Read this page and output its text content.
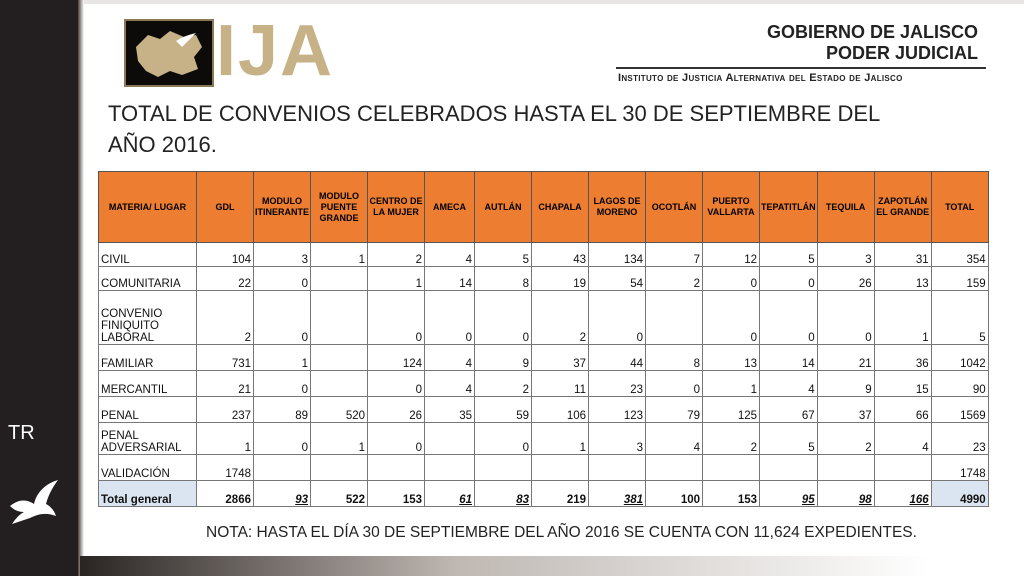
TR
IJA	GOBIERNO DE JALISCO
PODER JUDICIAL
Instituto de Justicia Alternativa del Estado de Jalisco
TOTAL DE CONVENIOS CELEBRADOS HASTA EL 30 DE SEPTIEMBRE DEL AÑO 2016.
MATERIA/ LUGAR	GDL	MODULO ITINERANTE	MODULO PUENTE GRANDE	CENTRO DE LA MUJER	AMECA	AUTLÁN	CHAPALA	LAGOS DE MORENO	OCOTLÁN	PUERTO VALLARTA	TEPATITLÁN	TEQUILA	ZAPOTLÁN EL GRANDE	TOTAL
CIVIL	104	3	1	2	4	5	43	134	7	12	5	3	31	354
COMUNITARIA	22	0		1	14	8	19	54	2	0	0	26	13	159
CONVENIO FINIQUITO LABORAL	2	0		0	0	0	2	0		0	0	0	1	5
FAMILIAR	731	1		124	4	9	37	44	8	13	14	21	36	1042
MERCANTIL	21	0		0	4	2	11	23	0	1	4	9	15	90
PENAL	237	89	520	26	35	59	106	123	79	125	67	37	66	1569
PENAL ADVERSARIAL	1	0	1	0		0	1	3	4	2	5	2	4	23
VALIDACIÓN	1748													1748
Total general	2866	93	522	153	61	83	219	381	100	153	95	98	166	4990
NOTA: HASTA EL DÍA 30 DE SEPTIEMBRE DEL AÑO 2016 SE CUENTA CON 11,624 EXPEDIENTES.
